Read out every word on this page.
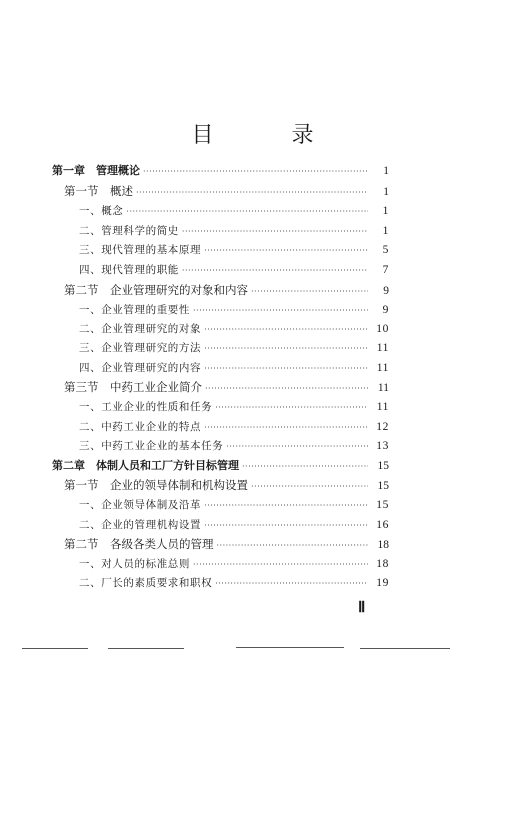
目　录
第一章　管理概论 ·····	1
第一节　概述 ·····	1
一、概念 ·····	1
二、管理科学的简史 ·····	1
三、现代管理的基本原理 ·····	5
四、现代管理的职能 ·····	7
第二节　企业管理研究的对象和内容 ·····	9
一、企业管理的重要性 ·····	9
二、企业管理研究的对象 ·····	10
三、企业管理研究的方法 ·····	11
四、企业管理研究的内容 ·····	11
第三节　中药工业企业简介 ·····	11
一、工业企业的性质和任务 ·····	11
二、中药工业企业的特点 ·····	12
三、中药工业企业的基本任务 ·····	13
第二章　体制人员和工厂方针目标管理 ·····	15
第一节　企业的领导体制和机构设置 ·····	15
一、企业领导体制及沿革 ·····	15
二、企业的管理机构设置 ·····	16
第二节　各级各类人员的管理 ·····	18
一、对人员的标准总则 ·····	18
二、厂长的素质要求和职权 ·····	19
Ⅱ
